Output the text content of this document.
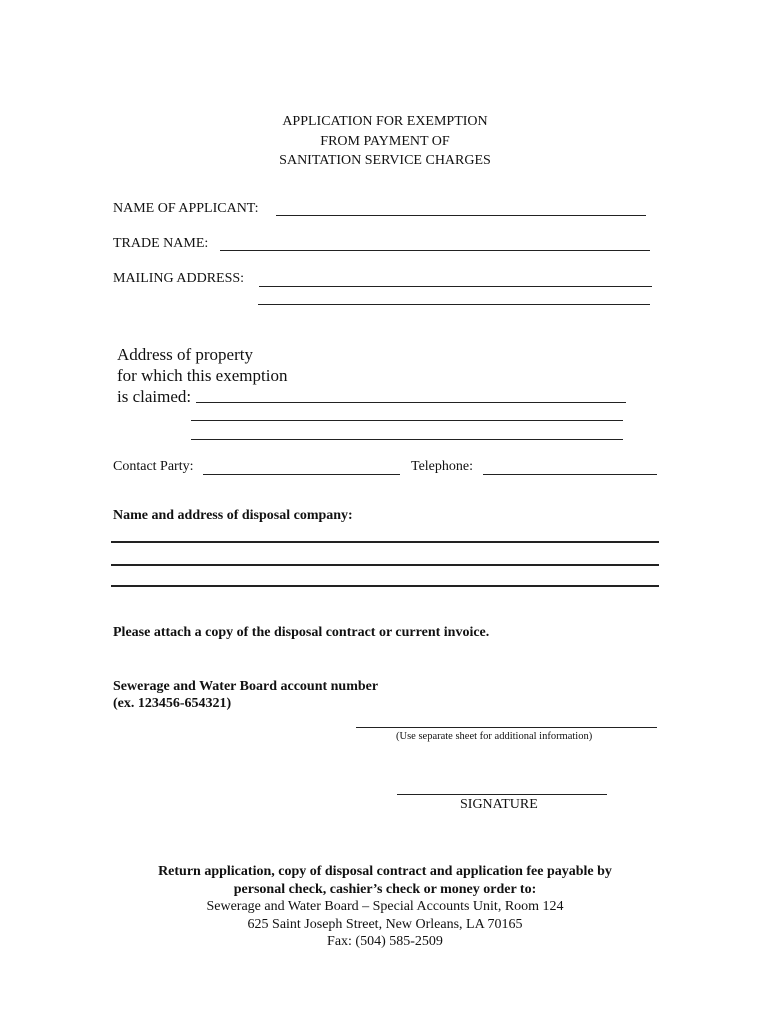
APPLICATION FOR EXEMPTION
FROM PAYMENT OF
SANITATION SERVICE CHARGES
NAME OF APPLICANT:
TRADE NAME:
MAILING ADDRESS:
Address of property
for which this exemption
is claimed:
Contact Party:	Telephone:
Name and address of disposal company:
Please attach a copy of the disposal contract or current invoice.
Sewerage and Water Board account number
(ex. 123456-654321)
(Use separate sheet for additional information)
SIGNATURE
Return application, copy of disposal contract and application fee payable by
personal check, cashier’s check or money order to:
Sewerage and Water Board – Special Accounts Unit, Room 124
625 Saint Joseph Street, New Orleans, LA 70165
Fax: (504) 585-2509
